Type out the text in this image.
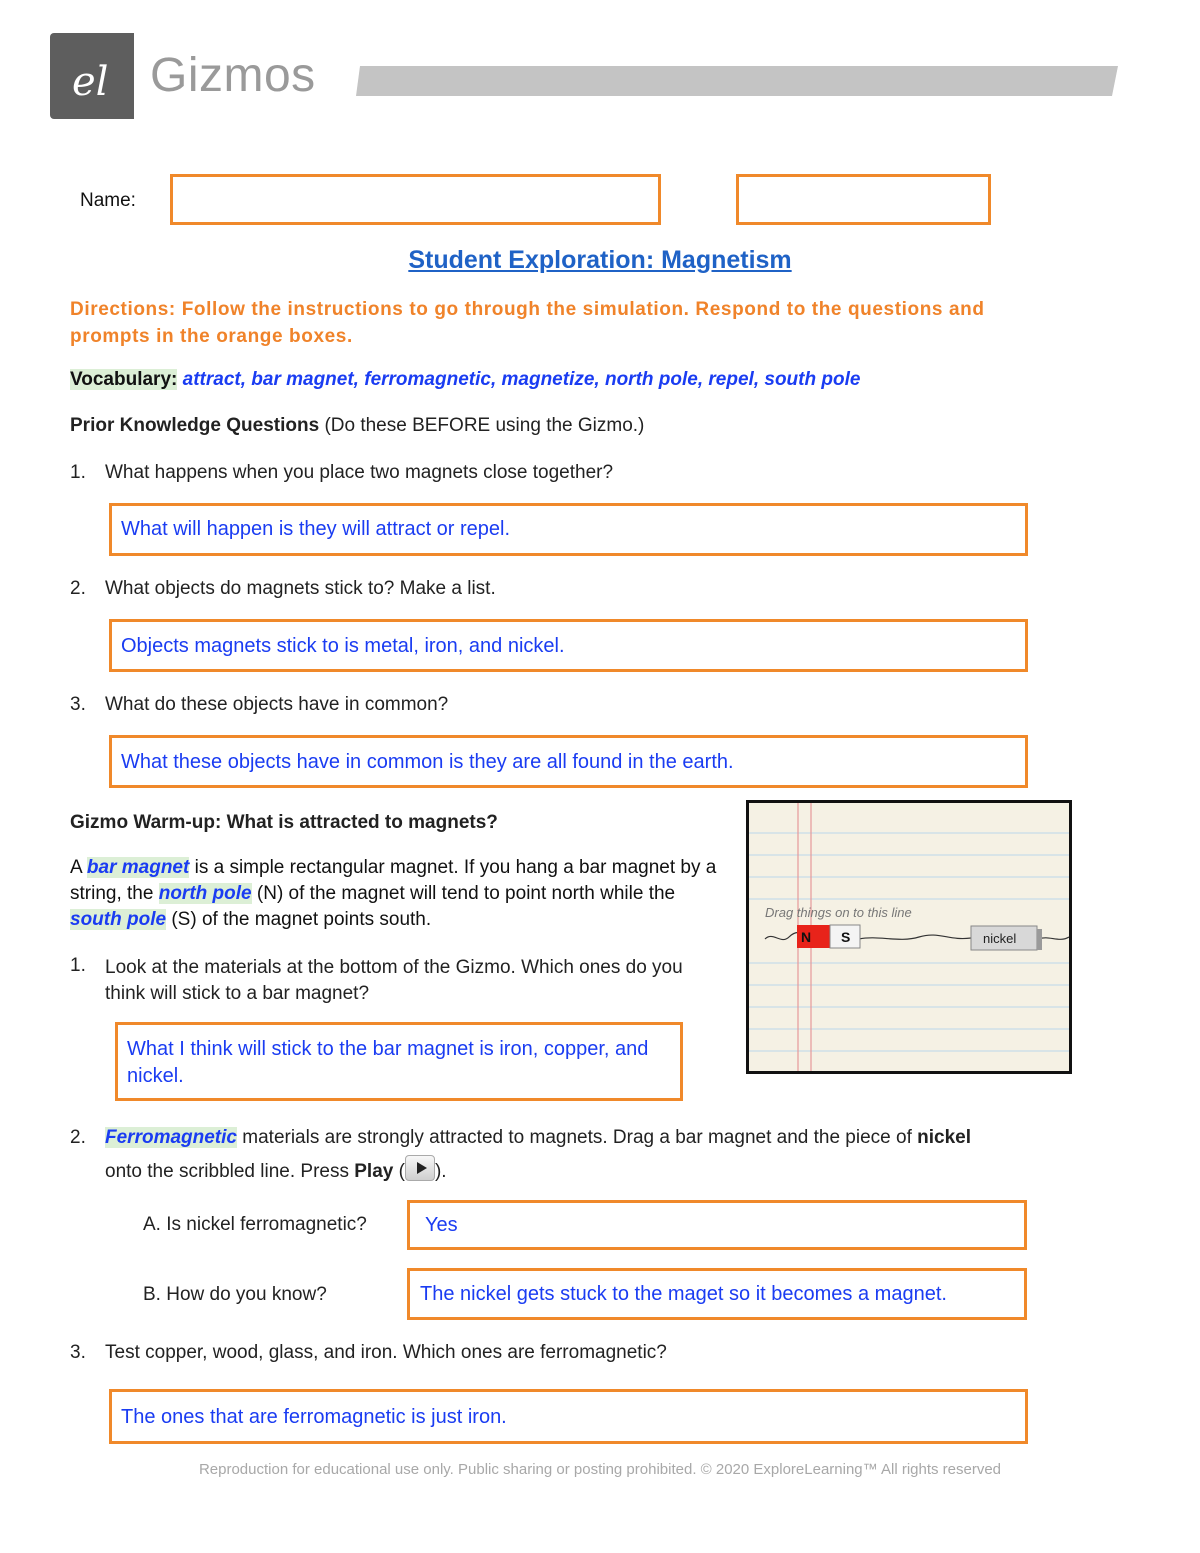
el Gizmos
Name:
Student Exploration: Magnetism
Directions: Follow the instructions to go through the simulation. Respond to the questions and prompts in the orange boxes.
Vocabulary: attract, bar magnet, ferromagnetic, magnetize, north pole, repel, south pole
Prior Knowledge Questions (Do these BEFORE using the Gizmo.)
1. What happens when you place two magnets close together?
What will happen is they will attract or repel.
2. What objects do magnets stick to? Make a list.
Objects magnets stick to is metal, iron, and nickel.
3. What do these objects have in common?
What these objects have in common is they are all found in the earth.
Gizmo Warm-up: What is attracted to magnets?
A bar magnet is a simple rectangular magnet. If you hang a bar magnet by a string, the north pole (N) of the magnet will tend to point north while the south pole (S) of the magnet points south.
1. Look at the materials at the bottom of the Gizmo. Which ones do you think will stick to a bar magnet?
What I think will stick to the bar magnet is iron, copper, and nickel.
Drag things on to this line
N S	nickel
2. Ferromagnetic materials are strongly attracted to magnets. Drag a bar magnet and the piece of nickel
onto the scribbled line. Press Play ( ).
A. Is nickel ferromagnetic?	Yes
B. How do you know?	The nickel gets stuck to the maget so it becomes a magnet.
3. Test copper, wood, glass, and iron. Which ones are ferromagnetic?
The ones that are ferromagnetic is just iron.
Reproduction for educational use only. Public sharing or posting prohibited. © 2020 ExploreLearning™ All rights reserved
